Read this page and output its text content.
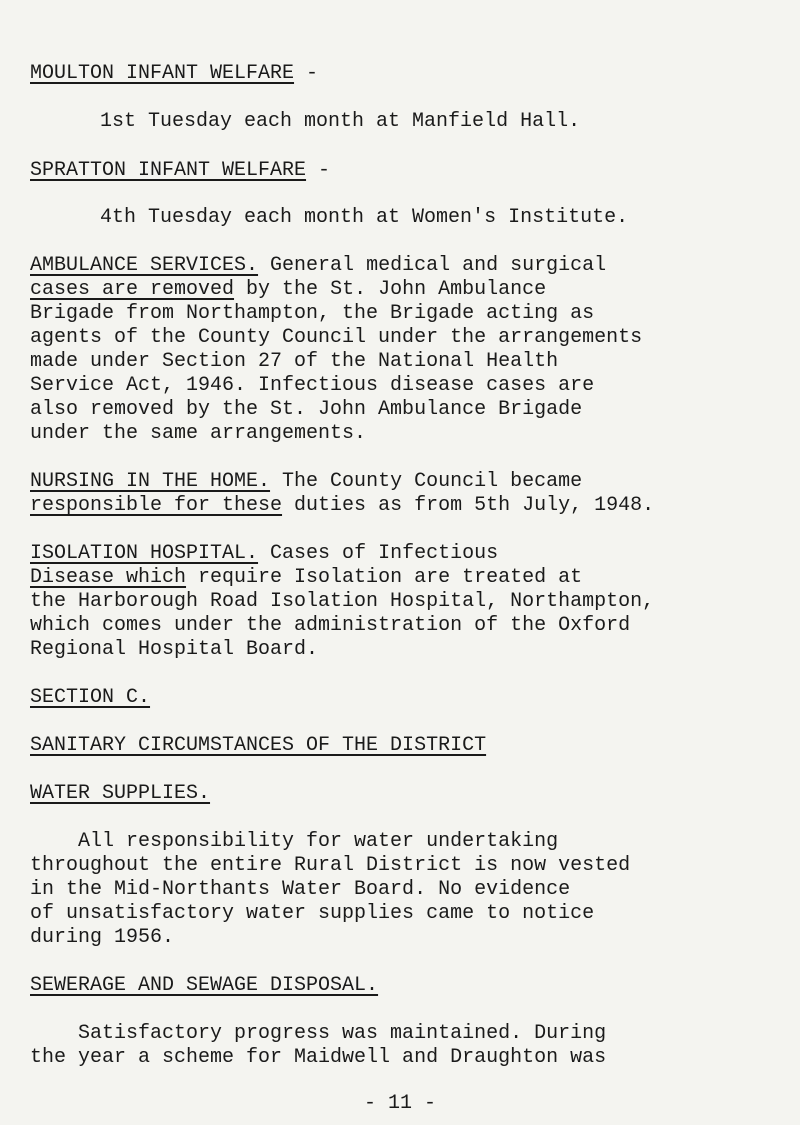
MOULTON INFANT WELFARE -
1st Tuesday each month at Manfield Hall.
SPRATTON INFANT WELFARE -
4th Tuesday each month at Women's Institute.
AMBULANCE SERVICES. General medical and surgical
cases are removed by the St. John Ambulance
Brigade from Northampton, the Brigade acting as
agents of the County Council under the arrangements
made under Section 27 of the National Health
Service Act, 1946. Infectious disease cases are
also removed by the St. John Ambulance Brigade
under the same arrangements.
NURSING IN THE HOME. The County Council became
responsible for these duties as from 5th July, 1948.
ISOLATION HOSPITAL. Cases of Infectious
Disease which require Isolation are treated at
the Harborough Road Isolation Hospital, Northampton,
which comes under the administration of the Oxford
Regional Hospital Board.
SECTION C.
SANITARY CIRCUMSTANCES OF THE DISTRICT
WATER SUPPLIES.
All responsibility for water undertaking
throughout the entire Rural District is now vested
in the Mid-Northants Water Board. No evidence
of unsatisfactory water supplies came to notice
during 1956.
SEWERAGE AND SEWAGE DISPOSAL.
Satisfactory progress was maintained. During
the year a scheme for Maidwell and Draughton was
- 11 -
